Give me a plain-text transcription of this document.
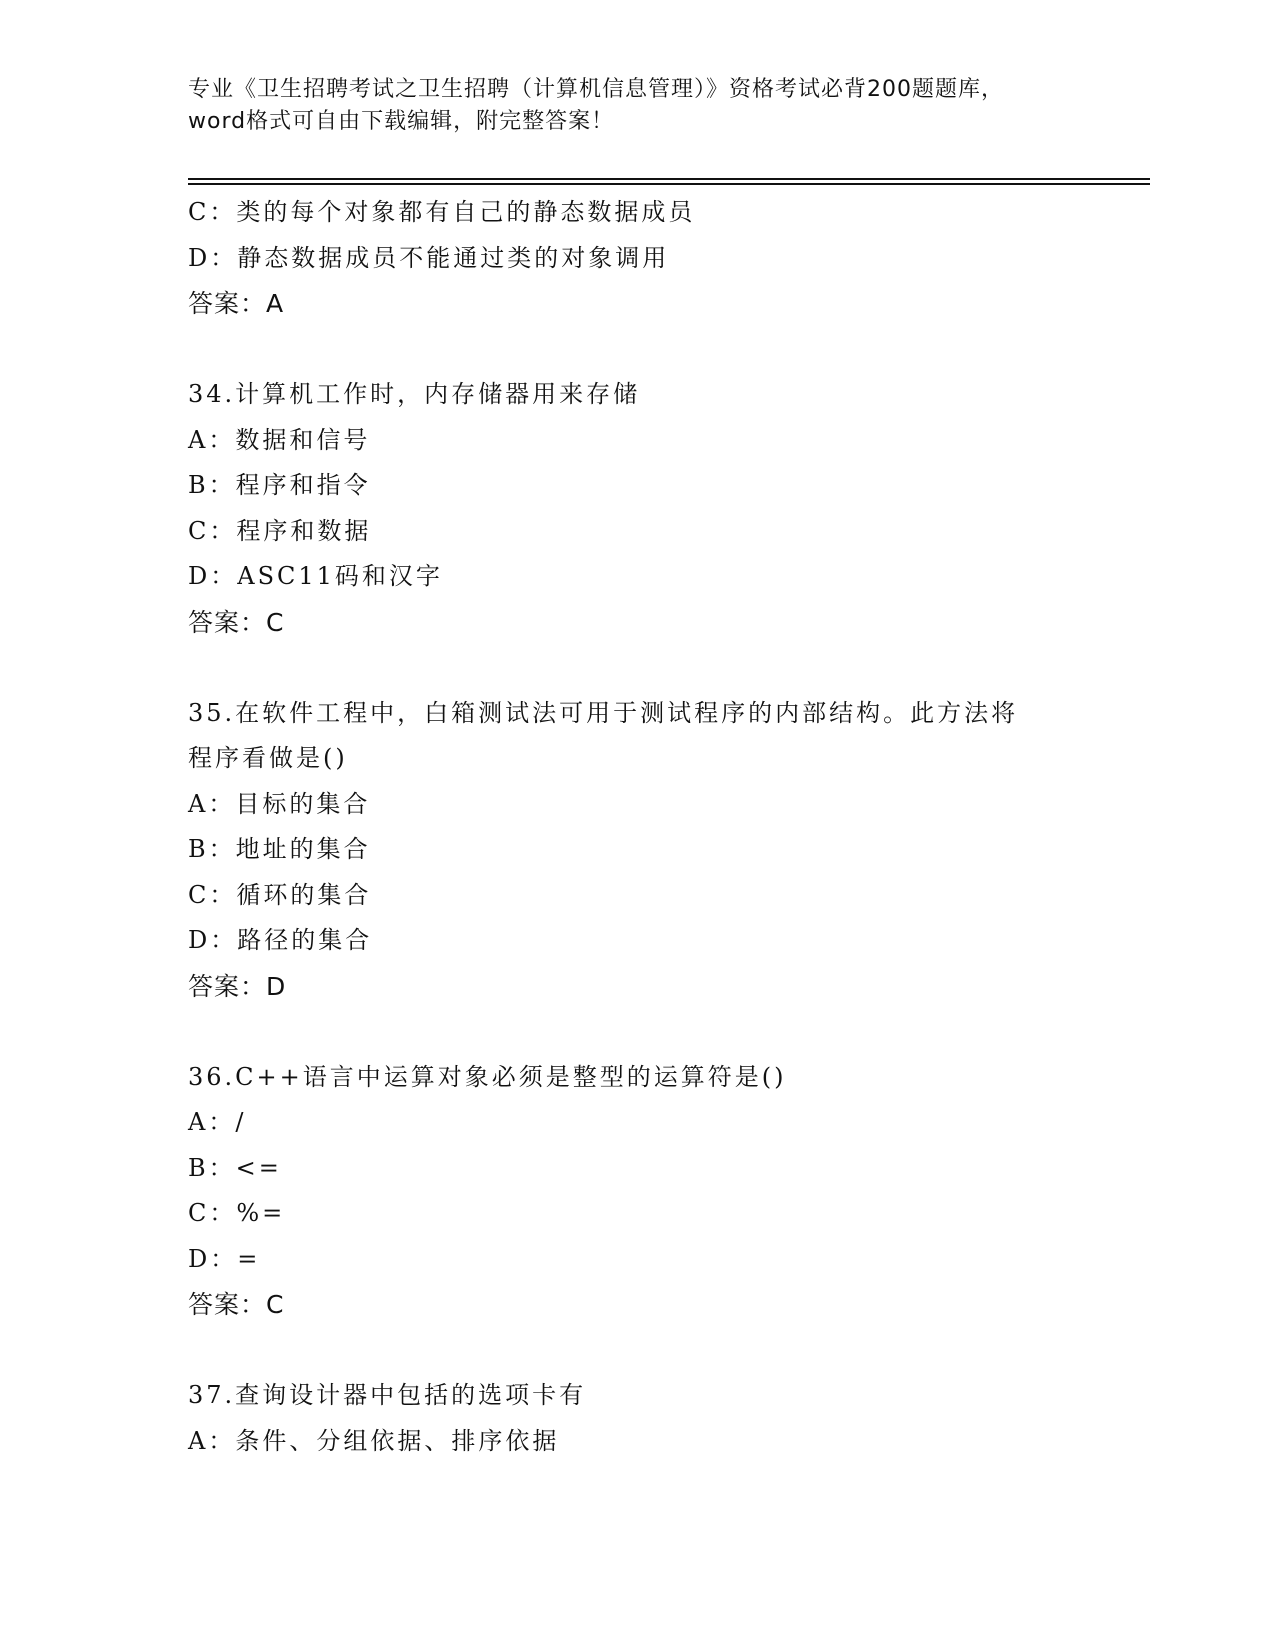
专业《卫生招聘考试之卫生招聘（计算机信息管理）》资格考试必背200题题库，
word格式可自由下载编辑，附完整答案！
C：类的每个对象都有自己的静态数据成员
D：静态数据成员不能通过类的对象调用
答案：A
34.计算机工作时，内存储器用来存储
A：数据和信号
B：程序和指令
C：程序和数据
D：ASC11码和汉字
答案：C
35.在软件工程中，白箱测试法可用于测试程序的内部结构。此方法将
程序看做是()
A：目标的集合
B：地址的集合
C：循环的集合
D：路径的集合
答案：D
36.C++语言中运算对象必须是整型的运算符是()
A：/
B：<=
C：%=
D：=
答案：C
37.查询设计器中包括的选项卡有
A：条件、分组依据、排序依据
